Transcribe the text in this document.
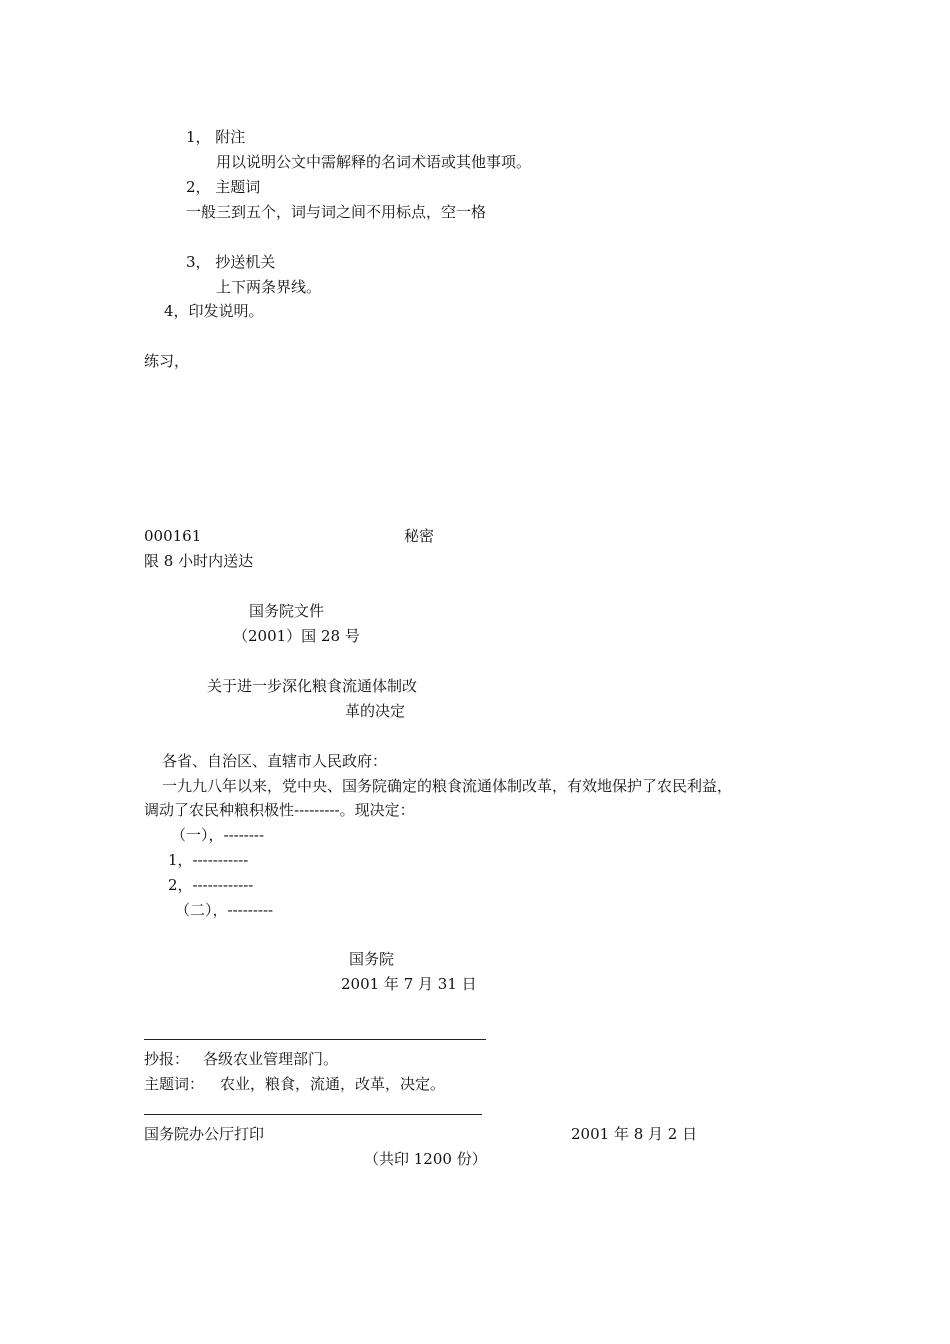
1， 附注
用以说明公文中需解释的名词术语或其他事项。
2， 主题词
一般三到五个，词与词之间不用标点，空一格
3， 抄送机关
上下两条界线。
4，印发说明。
练习，
000161	秘密
限 8 小时内送达
国务院文件
（2001）国 28 号
关于进一步深化粮食流通体制改
革的决定
各省、自治区、直辖市人民政府：
一九九八年以来，党中央、国务院确定的粮食流通体制改革，有效地保护了农民利益，
调动了农民种粮积极性---------。现决定：
（一），--------
1，-----------
2，------------
（二），---------
国务院
2001 年 7 月 31 日
抄报： 各级农业管理部门。
主题词： 农业，粮食，流通，改革，决定。
国务院办公厅打印	2001 年 8 月 2 日
（共印 1200 份）
